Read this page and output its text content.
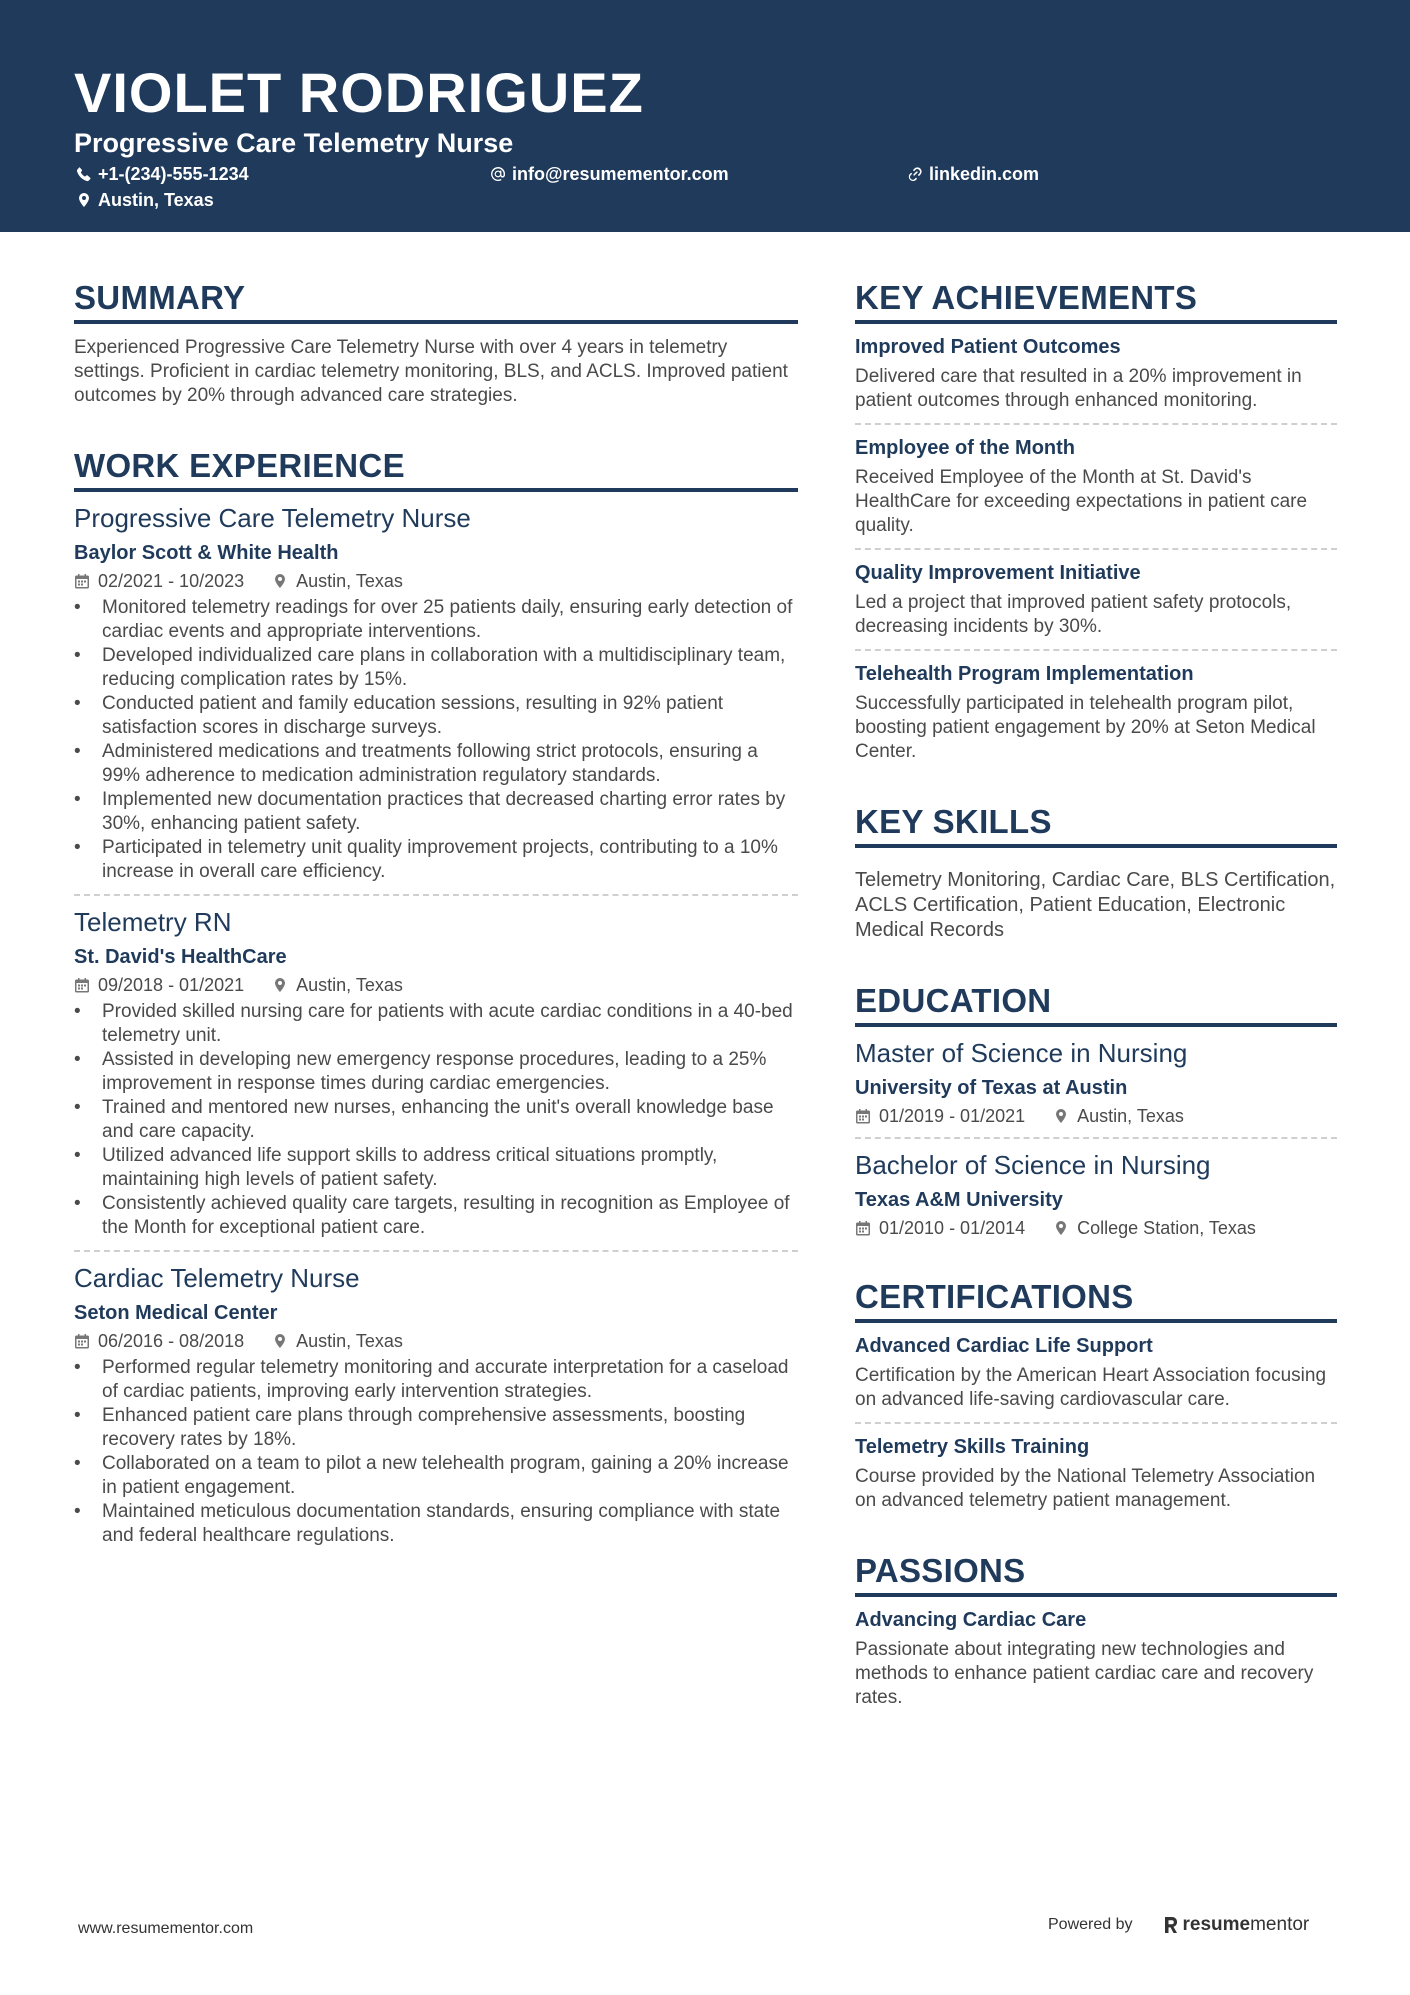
VIOLET RODRIGUEZ
Progressive Care Telemetry Nurse
+1-(234)-555-1234	info@resumementor.com	linkedin.com
Austin, Texas
SUMMARY
Experienced Progressive Care Telemetry Nurse with over 4 years in telemetry settings. Proficient in cardiac telemetry monitoring, BLS, and ACLS. Improved patient outcomes by 20% through advanced care strategies.
WORK EXPERIENCE
Progressive Care Telemetry Nurse
Baylor Scott & White Health
02/2021 - 10/2023	Austin, Texas
• Monitored telemetry readings for over 25 patients daily, ensuring early detection of cardiac events and appropriate interventions.
• Developed individualized care plans in collaboration with a multidisciplinary team, reducing complication rates by 15%.
• Conducted patient and family education sessions, resulting in 92% patient satisfaction scores in discharge surveys.
• Administered medications and treatments following strict protocols, ensuring a 99% adherence to medication administration regulatory standards.
• Implemented new documentation practices that decreased charting error rates by 30%, enhancing patient safety.
• Participated in telemetry unit quality improvement projects, contributing to a 10% increase in overall care efficiency.
Telemetry RN
St. David's HealthCare
09/2018 - 01/2021	Austin, Texas
• Provided skilled nursing care for patients with acute cardiac conditions in a 40-bed telemetry unit.
• Assisted in developing new emergency response procedures, leading to a 25% improvement in response times during cardiac emergencies.
• Trained and mentored new nurses, enhancing the unit's overall knowledge base and care capacity.
• Utilized advanced life support skills to address critical situations promptly, maintaining high levels of patient safety.
• Consistently achieved quality care targets, resulting in recognition as Employee of the Month for exceptional patient care.
Cardiac Telemetry Nurse
Seton Medical Center
06/2016 - 08/2018	Austin, Texas
• Performed regular telemetry monitoring and accurate interpretation for a caseload of cardiac patients, improving early intervention strategies.
• Enhanced patient care plans through comprehensive assessments, boosting recovery rates by 18%.
• Collaborated on a team to pilot a new telehealth program, gaining a 20% increase in patient engagement.
• Maintained meticulous documentation standards, ensuring compliance with state and federal healthcare regulations.
KEY ACHIEVEMENTS
Improved Patient Outcomes
Delivered care that resulted in a 20% improvement in patient outcomes through enhanced monitoring.
Employee of the Month
Received Employee of the Month at St. David's HealthCare for exceeding expectations in patient care quality.
Quality Improvement Initiative
Led a project that improved patient safety protocols, decreasing incidents by 30%.
Telehealth Program Implementation
Successfully participated in telehealth program pilot, boosting patient engagement by 20% at Seton Medical Center.
KEY SKILLS
Telemetry Monitoring, Cardiac Care, BLS Certification, ACLS Certification, Patient Education, Electronic Medical Records
EDUCATION
Master of Science in Nursing
University of Texas at Austin
01/2019 - 01/2021	Austin, Texas
Bachelor of Science in Nursing
Texas A&M University
01/2010 - 01/2014	College Station, Texas
CERTIFICATIONS
Advanced Cardiac Life Support
Certification by the American Heart Association focusing on advanced life-saving cardiovascular care.
Telemetry Skills Training
Course provided by the National Telemetry Association on advanced telemetry patient management.
PASSIONS
Advancing Cardiac Care
Passionate about integrating new technologies and methods to enhance patient cardiac care and recovery rates.
www.resumementor.com	Powered by	resume mentor
